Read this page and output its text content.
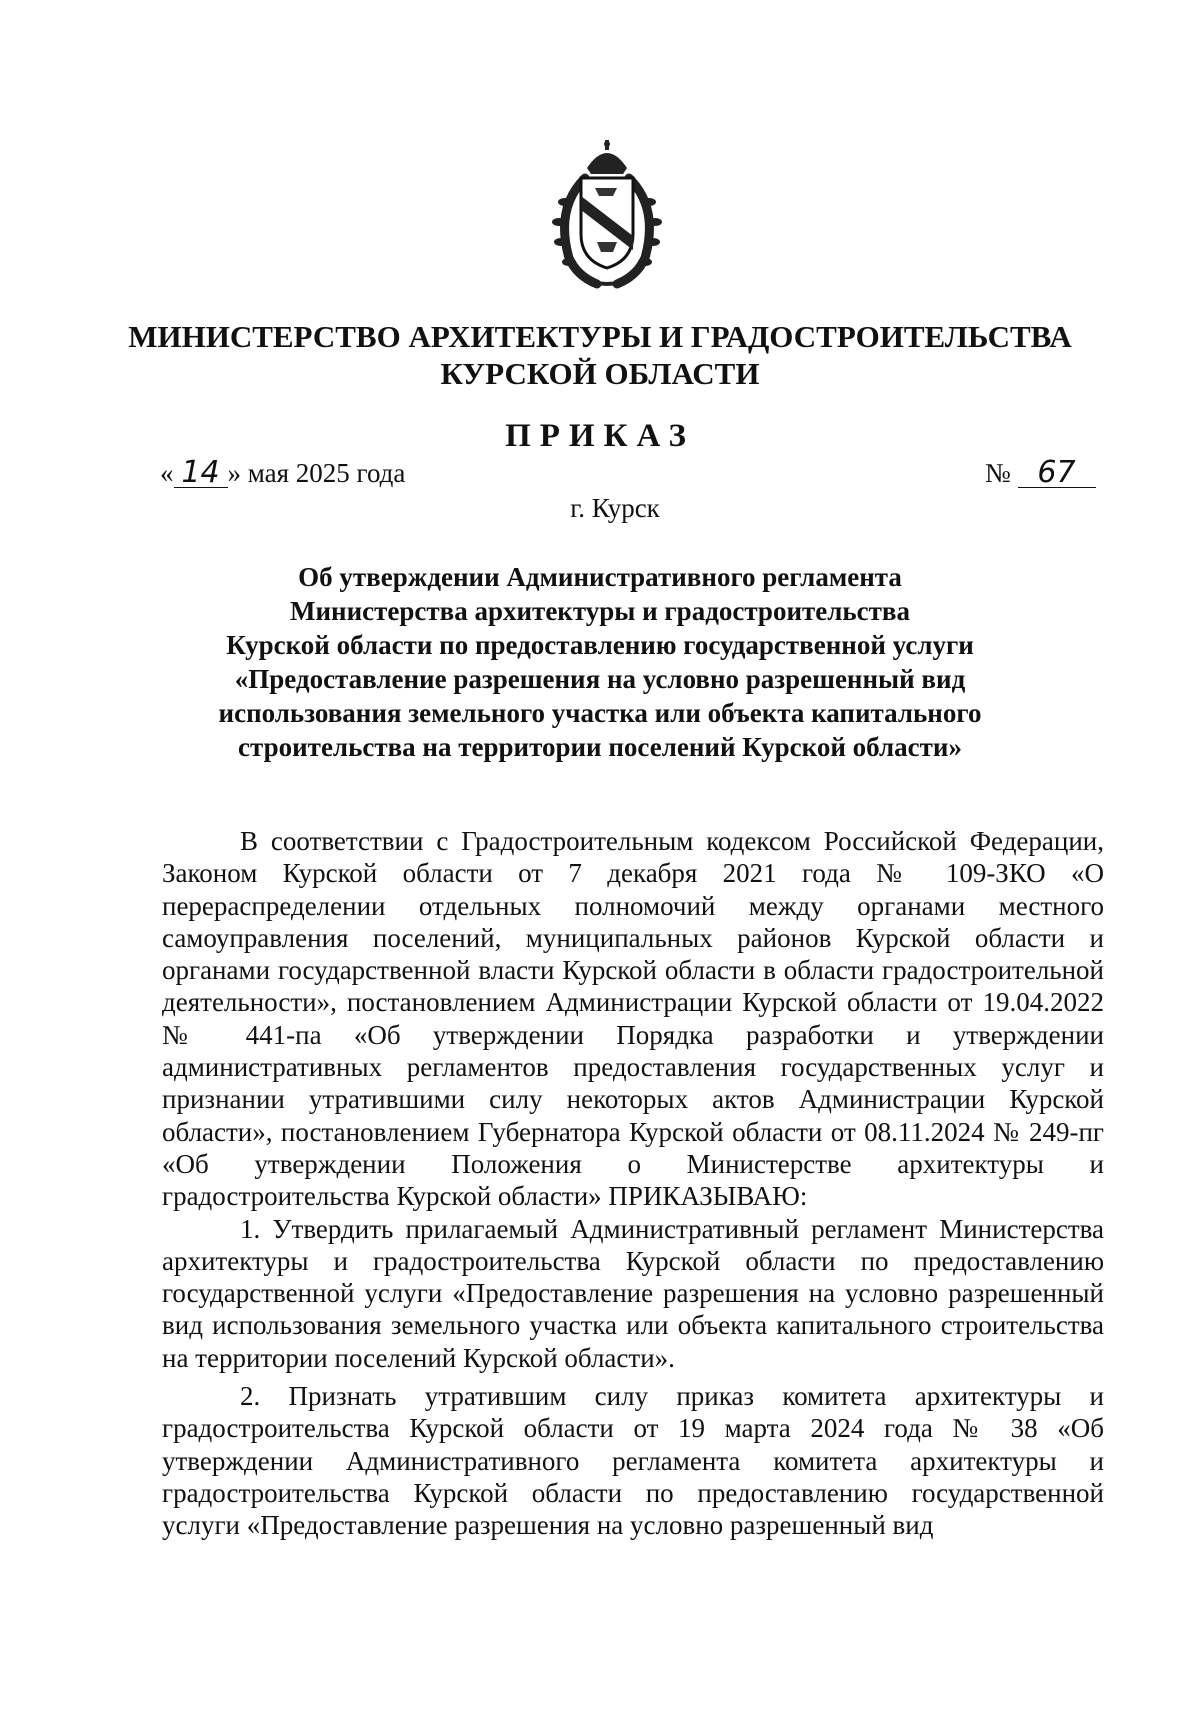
МИНИСТЕРСТВО АРХИТЕКТУРЫ И ГРАДОСТРОИТЕЛЬСТВА
КУРСКОЙ ОБЛАСТИ
ПРИКАЗ
« 14 » мая 2025 года	№ 67
г. Курск
Об утверждении Административного регламента
Министерства архитектуры и градостроительства
Курской области по предоставлению государственной услуги
«Предоставление разрешения на условно разрешенный вид
использования земельного участка или объекта капитального
строительства на территории поселений Курской области»

В соответствии с Градостроительным кодексом Российской Федерации, Законом Курской области от 7 декабря 2021 года № 109-ЗКО «О перераспределении отдельных полномочий между органами местного самоуправления поселений, муниципальных районов Курской области и органами государственной власти Курской области в области градостроительной деятельности», постановлением Администрации Курской области от 19.04.2022 № 441-па «Об утверждении Порядка разработки и утверждении административных регламентов предоставления государственных услуг и признании утратившими силу некоторых актов Администрации Курской области», постановлением Губернатора Курской области от 08.11.2024 № 249-пг «Об утверждении Положения о Министерстве архитектуры и градостроительства Курской области» ПРИКАЗЫВАЮ:

1. Утвердить прилагаемый Административный регламент Министерства архитектуры и градостроительства Курской области по предоставлению государственной услуги «Предоставление разрешения на условно разрешенный вид использования земельного участка или объекта капитального строительства на территории поселений Курской области».

2. Признать утратившим силу приказ комитета архитектуры и градостроительства Курской области от 19 марта 2024 года № 38 «Об утверждении Административного регламента комитета архитектуры и градостроительства Курской области по предоставлению государственной услуги «Предоставление разрешения на условно разрешенный вид
